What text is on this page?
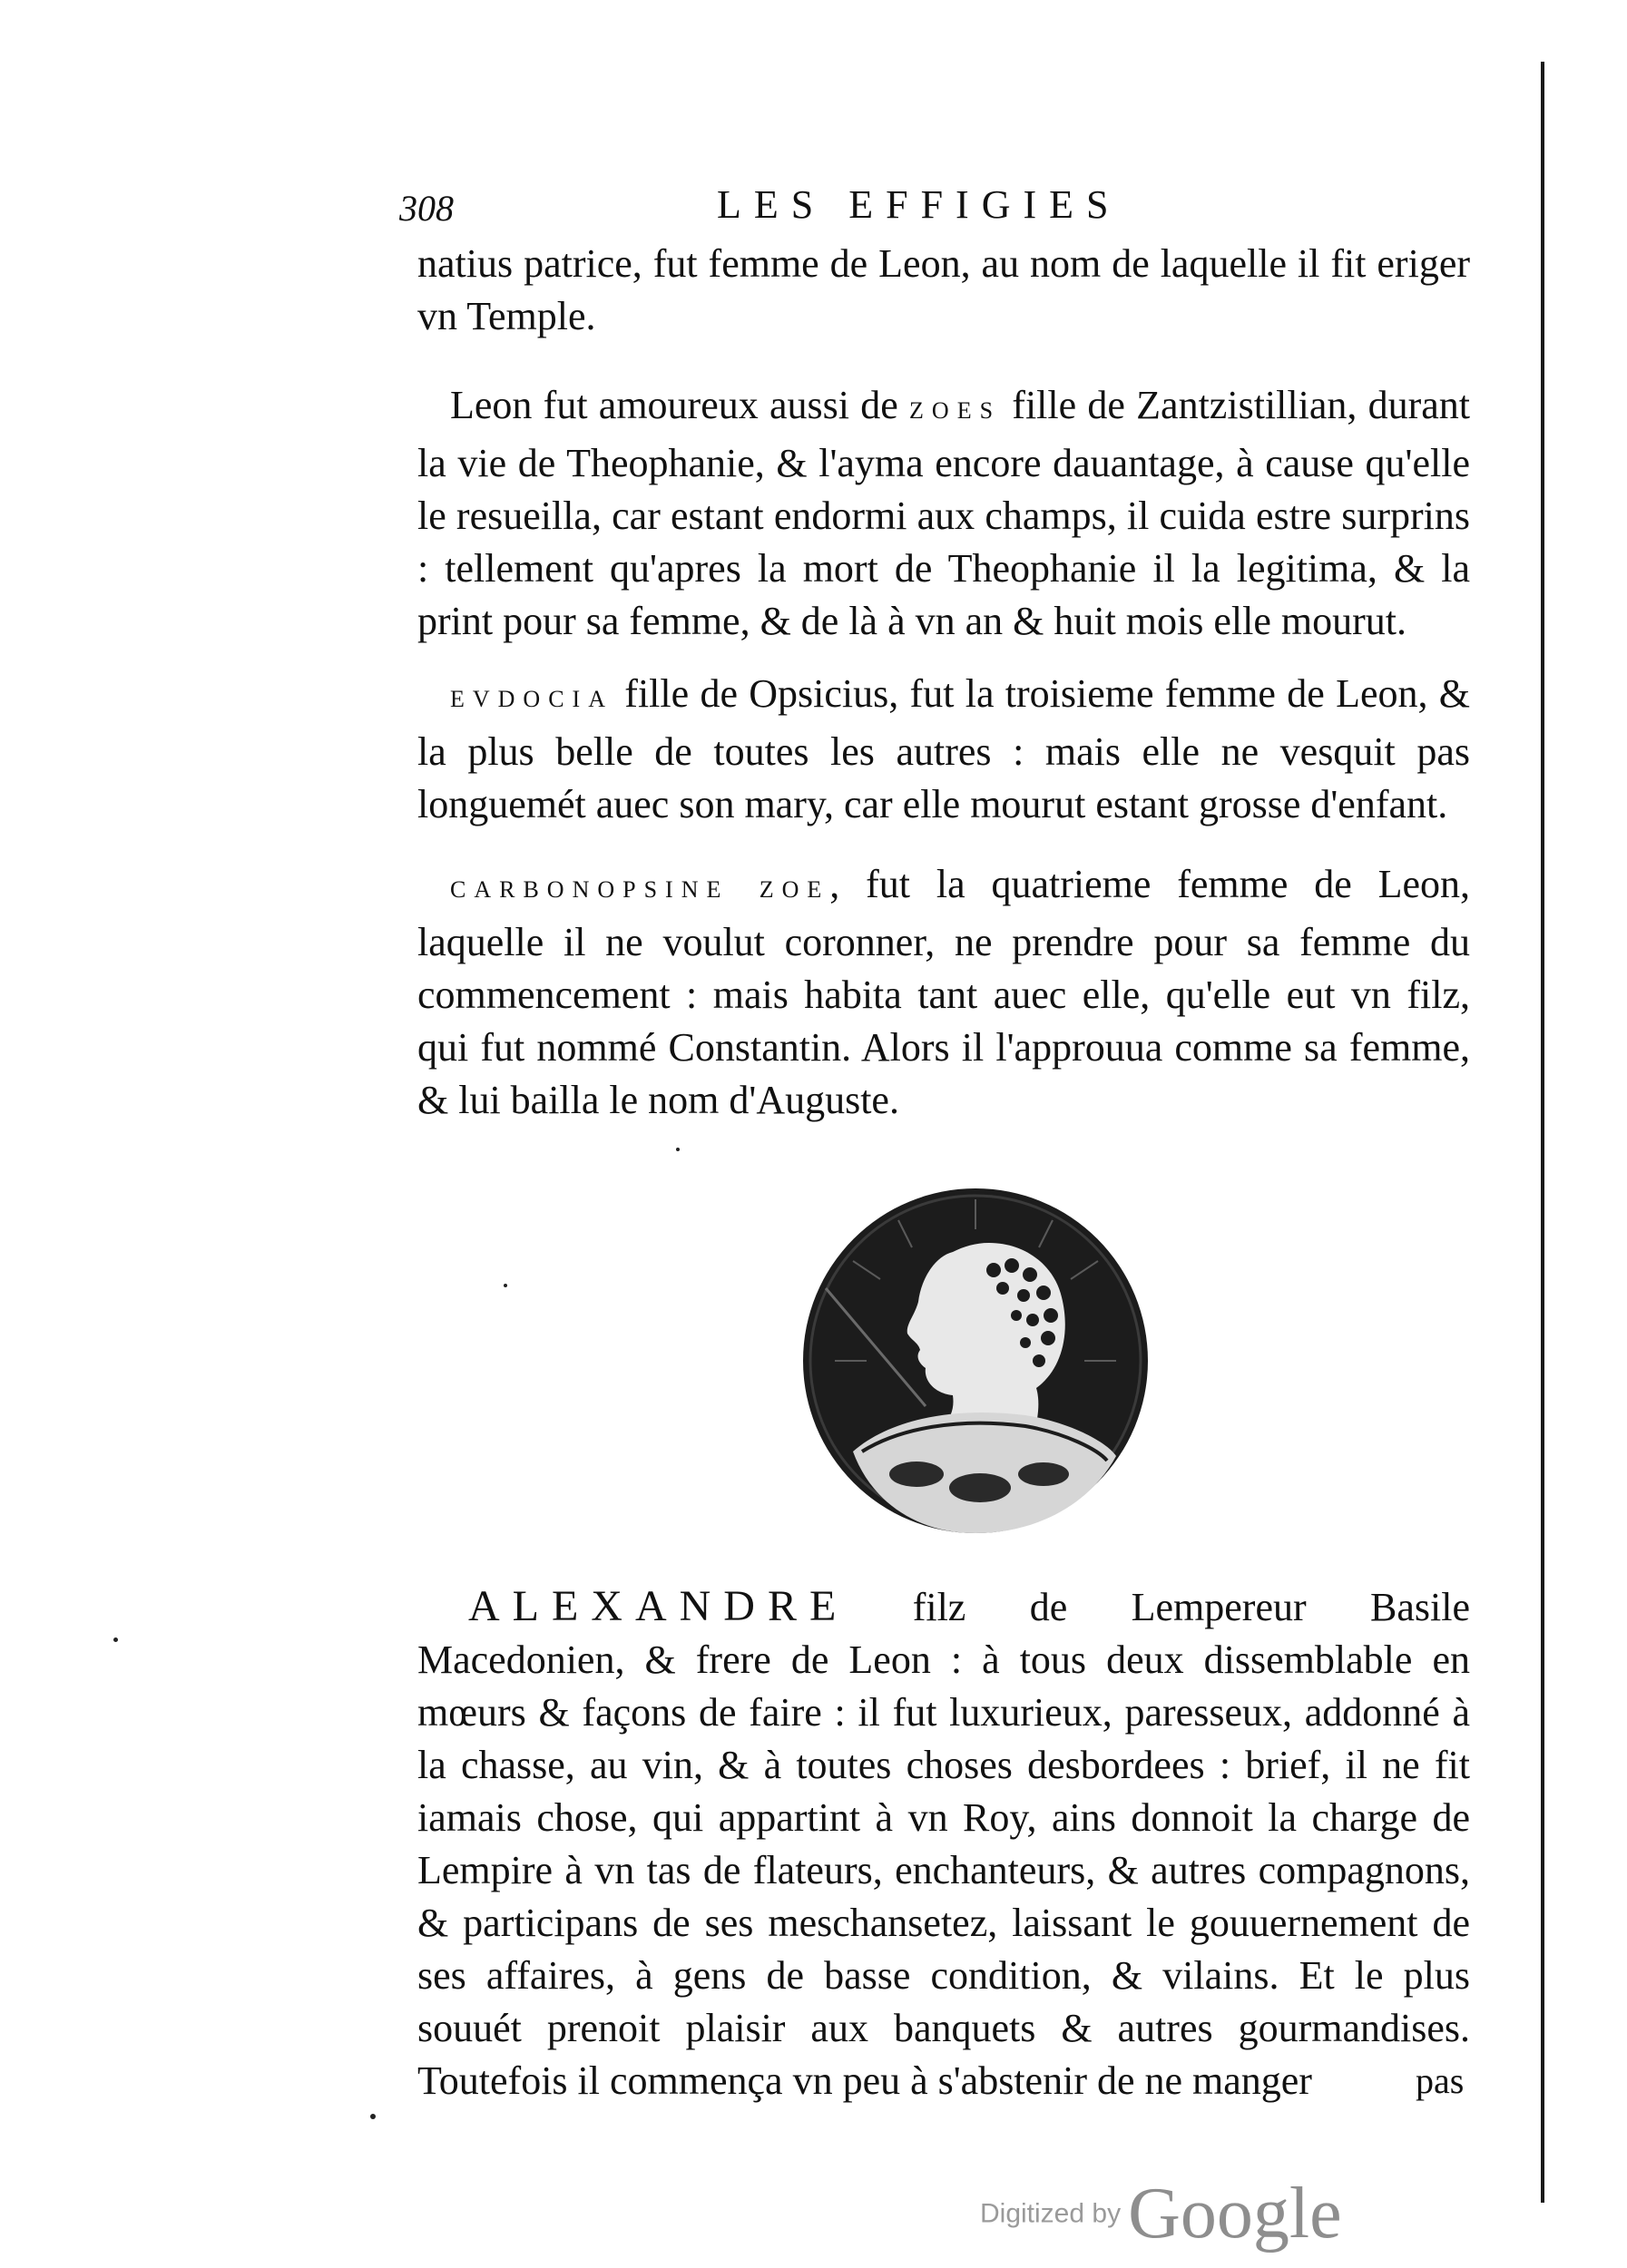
308	LES EFFIGIES

natius patrice, fut femme de Leon, au nom de laquelle il fit eriger vn Temple.

Leon fut amoureux aussi de ZOES fille de Zantzistillian, durant la vie de Theophanie, & l'ayma encore dauantage, à cause qu'elle le resueilla, car estant endormi aux champs, il cuida estre surprins : tellement qu'apres la mort de Theophanie il la legitima, & la print pour sa femme, & de là à vn an & huit mois elle mourut.

EVDOCIA fille de Opsicius, fut la troisieme femme de Leon, & la plus belle de toutes les autres : mais elle ne vesquit pas longuemét auec son mary, car elle mourut estant grosse d'enfant.

CARBONOPSINE ZOE, fut la quatrieme femme de Leon, laquelle il ne voulut coronner, ne prendre pour sa femme du commencement : mais habita tant auec elle, qu'elle eut vn filz, qui fut nommé Constantin. Alors il l'approuua comme sa femme, & lui bailla le nom d'Auguste.

ALEXANDRE filz de Lempereur Basile Macedonien, & frere de Leon : à tous deux dissemblable en mœurs & façons de faire : il fut luxurieux, paresseux, addonné à la chasse, au vin, & à toutes choses desbordees : brief, il ne fit iamais chose, qui appartint à vn Roy, ains donnoit la charge de Lempire à vn tas de flateurs, enchanteurs, & autres compagnons, & participans de ses meschansetez, laissant le gouuernement de ses affaires, à gens de basse condition, & vilains. Et le plus souuét prenoit plaisir aux banquets & autres gourmandises. Toutefois il commença vn peu à s'abstenir de ne manger	pas
Digitized by Google
